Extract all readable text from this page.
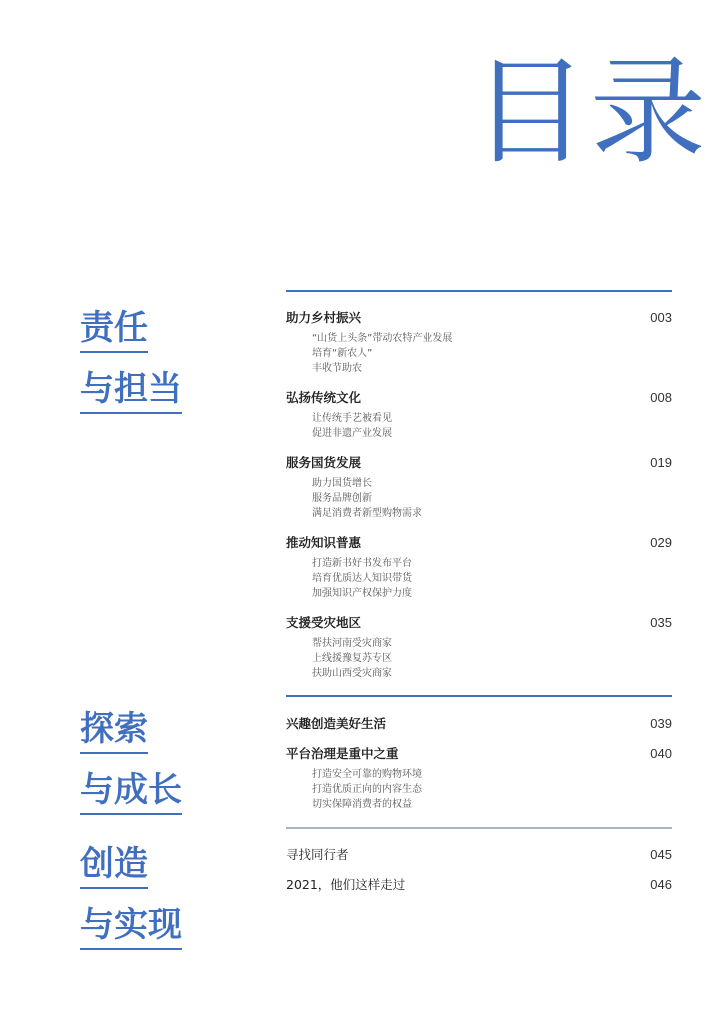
目录
责任
与担当
探索
与成长
创造
与实现
助力乡村振兴	003
“山货上头条”带动农特产业发展
培育“新农人”
丰收节助农
弘扬传统文化	008
让传统手艺被看见
促进非遗产业发展
服务国货发展	019
助力国货增长
服务品牌创新
满足消费者新型购物需求
推动知识普惠	029
打造新书好书发布平台
培育优质达人知识带货
加强知识产权保护力度
支援受灾地区	035
帮扶河南受灾商家
上线援豫复苏专区
扶助山西受灾商家
兴趣创造美好生活	039
平台治理是重中之重	040
打造安全可靠的购物环境
打造优质正向的内容生态
切实保障消费者的权益
寻找同行者	045
2021，他们这样走过	046
